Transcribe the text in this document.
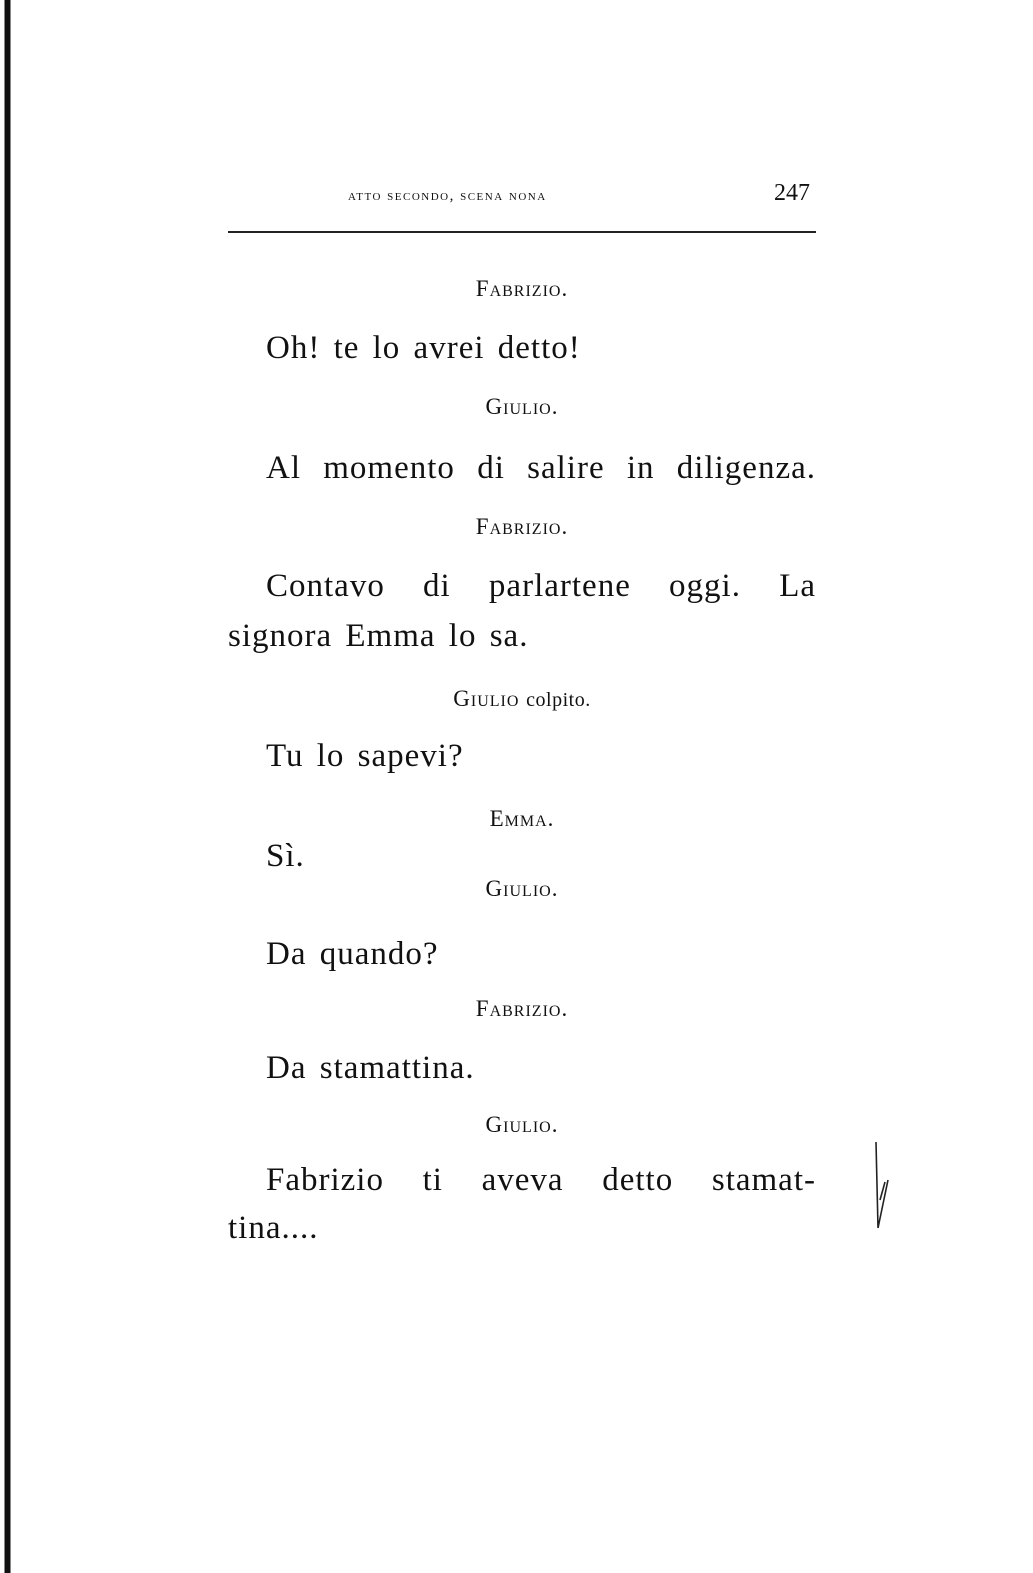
atto secondo, scena nona	247
Fabrizio.
Oh! te lo avrei detto!
Giulio.
Al momento di salire in diligenza.
Fabrizio.
Contavo di parlartene oggi. La
signora Emma lo sa.
Giulio colpito.
Tu lo sapevi?
Emma.
Sì.
Giulio.
Da quando?
Fabrizio.
Da stamattina.
Giulio.
Fabrizio ti aveva detto stamat-
tina....
